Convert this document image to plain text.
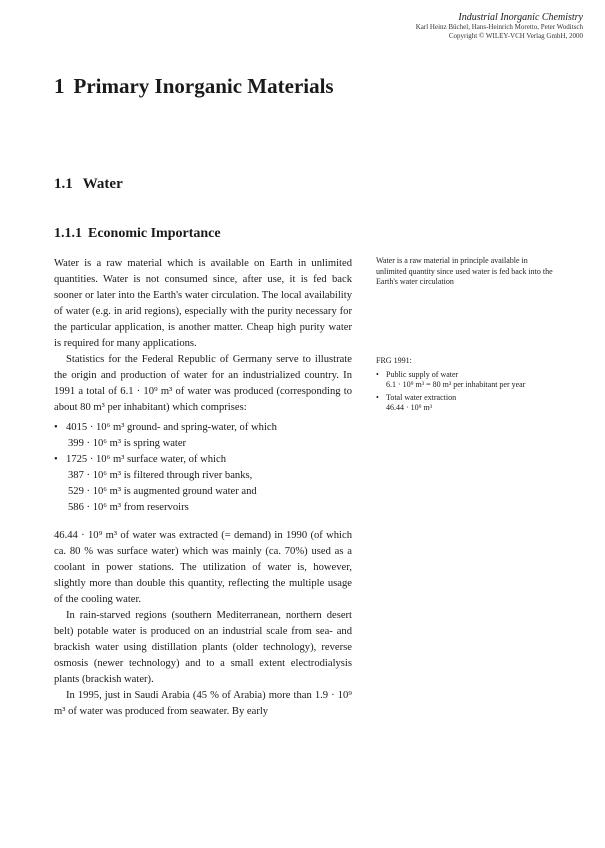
Industrial Inorganic Chemistry
Karl Heinz Büchel, Hans-Heinrich Moretto, Peter Woditsch
Copyright © WILEY-VCH Verlag GmbH, 2000
1 Primary Inorganic Materials
1.1 Water
1.1.1 Economic Importance

Water is a raw material which is available on Earth in unlimited quantities. Water is not consumed since, after use, it is fed back sooner or later into the Earth's water circulation. The local availability of water (e.g. in arid regions), especially with the purity necessary for the particular application, is another matter. Cheap high purity water is required for many applications.

Statistics for the Federal Republic of Germany serve to illustrate the origin and production of water for an industrialized country. In 1991 a total of 6.1 · 10⁹ m³ of water was produced (corresponding to about 80 m³ per inhabitant) which comprises:

• 4015 · 10⁶ m³ ground- and spring-water, of which
399 · 10⁶ m³ is spring water
• 1725 · 10⁶ m³ surface water, of which
387 · 10⁶ m³ is filtered through river banks,
529 · 10⁶ m³ is augmented ground water and
586 · 10⁶ m³ from reservoirs

46.44 · 10⁹ m³ of water was extracted (= demand) in 1990 (of which ca. 80 % was surface water) which was mainly (ca. 70%) used as a coolant in power stations. The utilization of water is, however, slightly more than double this quantity, reflecting the multiple usage of the cooling water.

In rain-starved regions (southern Mediterranean, northern desert belt) potable water is produced on an industrial scale from sea- and brackish water using distillation plants (older technology), reverse osmosis (newer technology) and to a small extent electrodialysis plants (brackish water).

In 1995, just in Saudi Arabia (45 % of Arabia) more than 1.9 · 10⁹ m³ of water was produced from seawater. By early

Water is a raw material in principle available in unlimited quantity since used water is fed back into the Earth's water circulation
FRG 1991:
• Public supply of water
6.1 · 10⁹ m³ = 80 m³ per inhabitant per year
• Total water extraction
46.44 · 10⁹ m³
